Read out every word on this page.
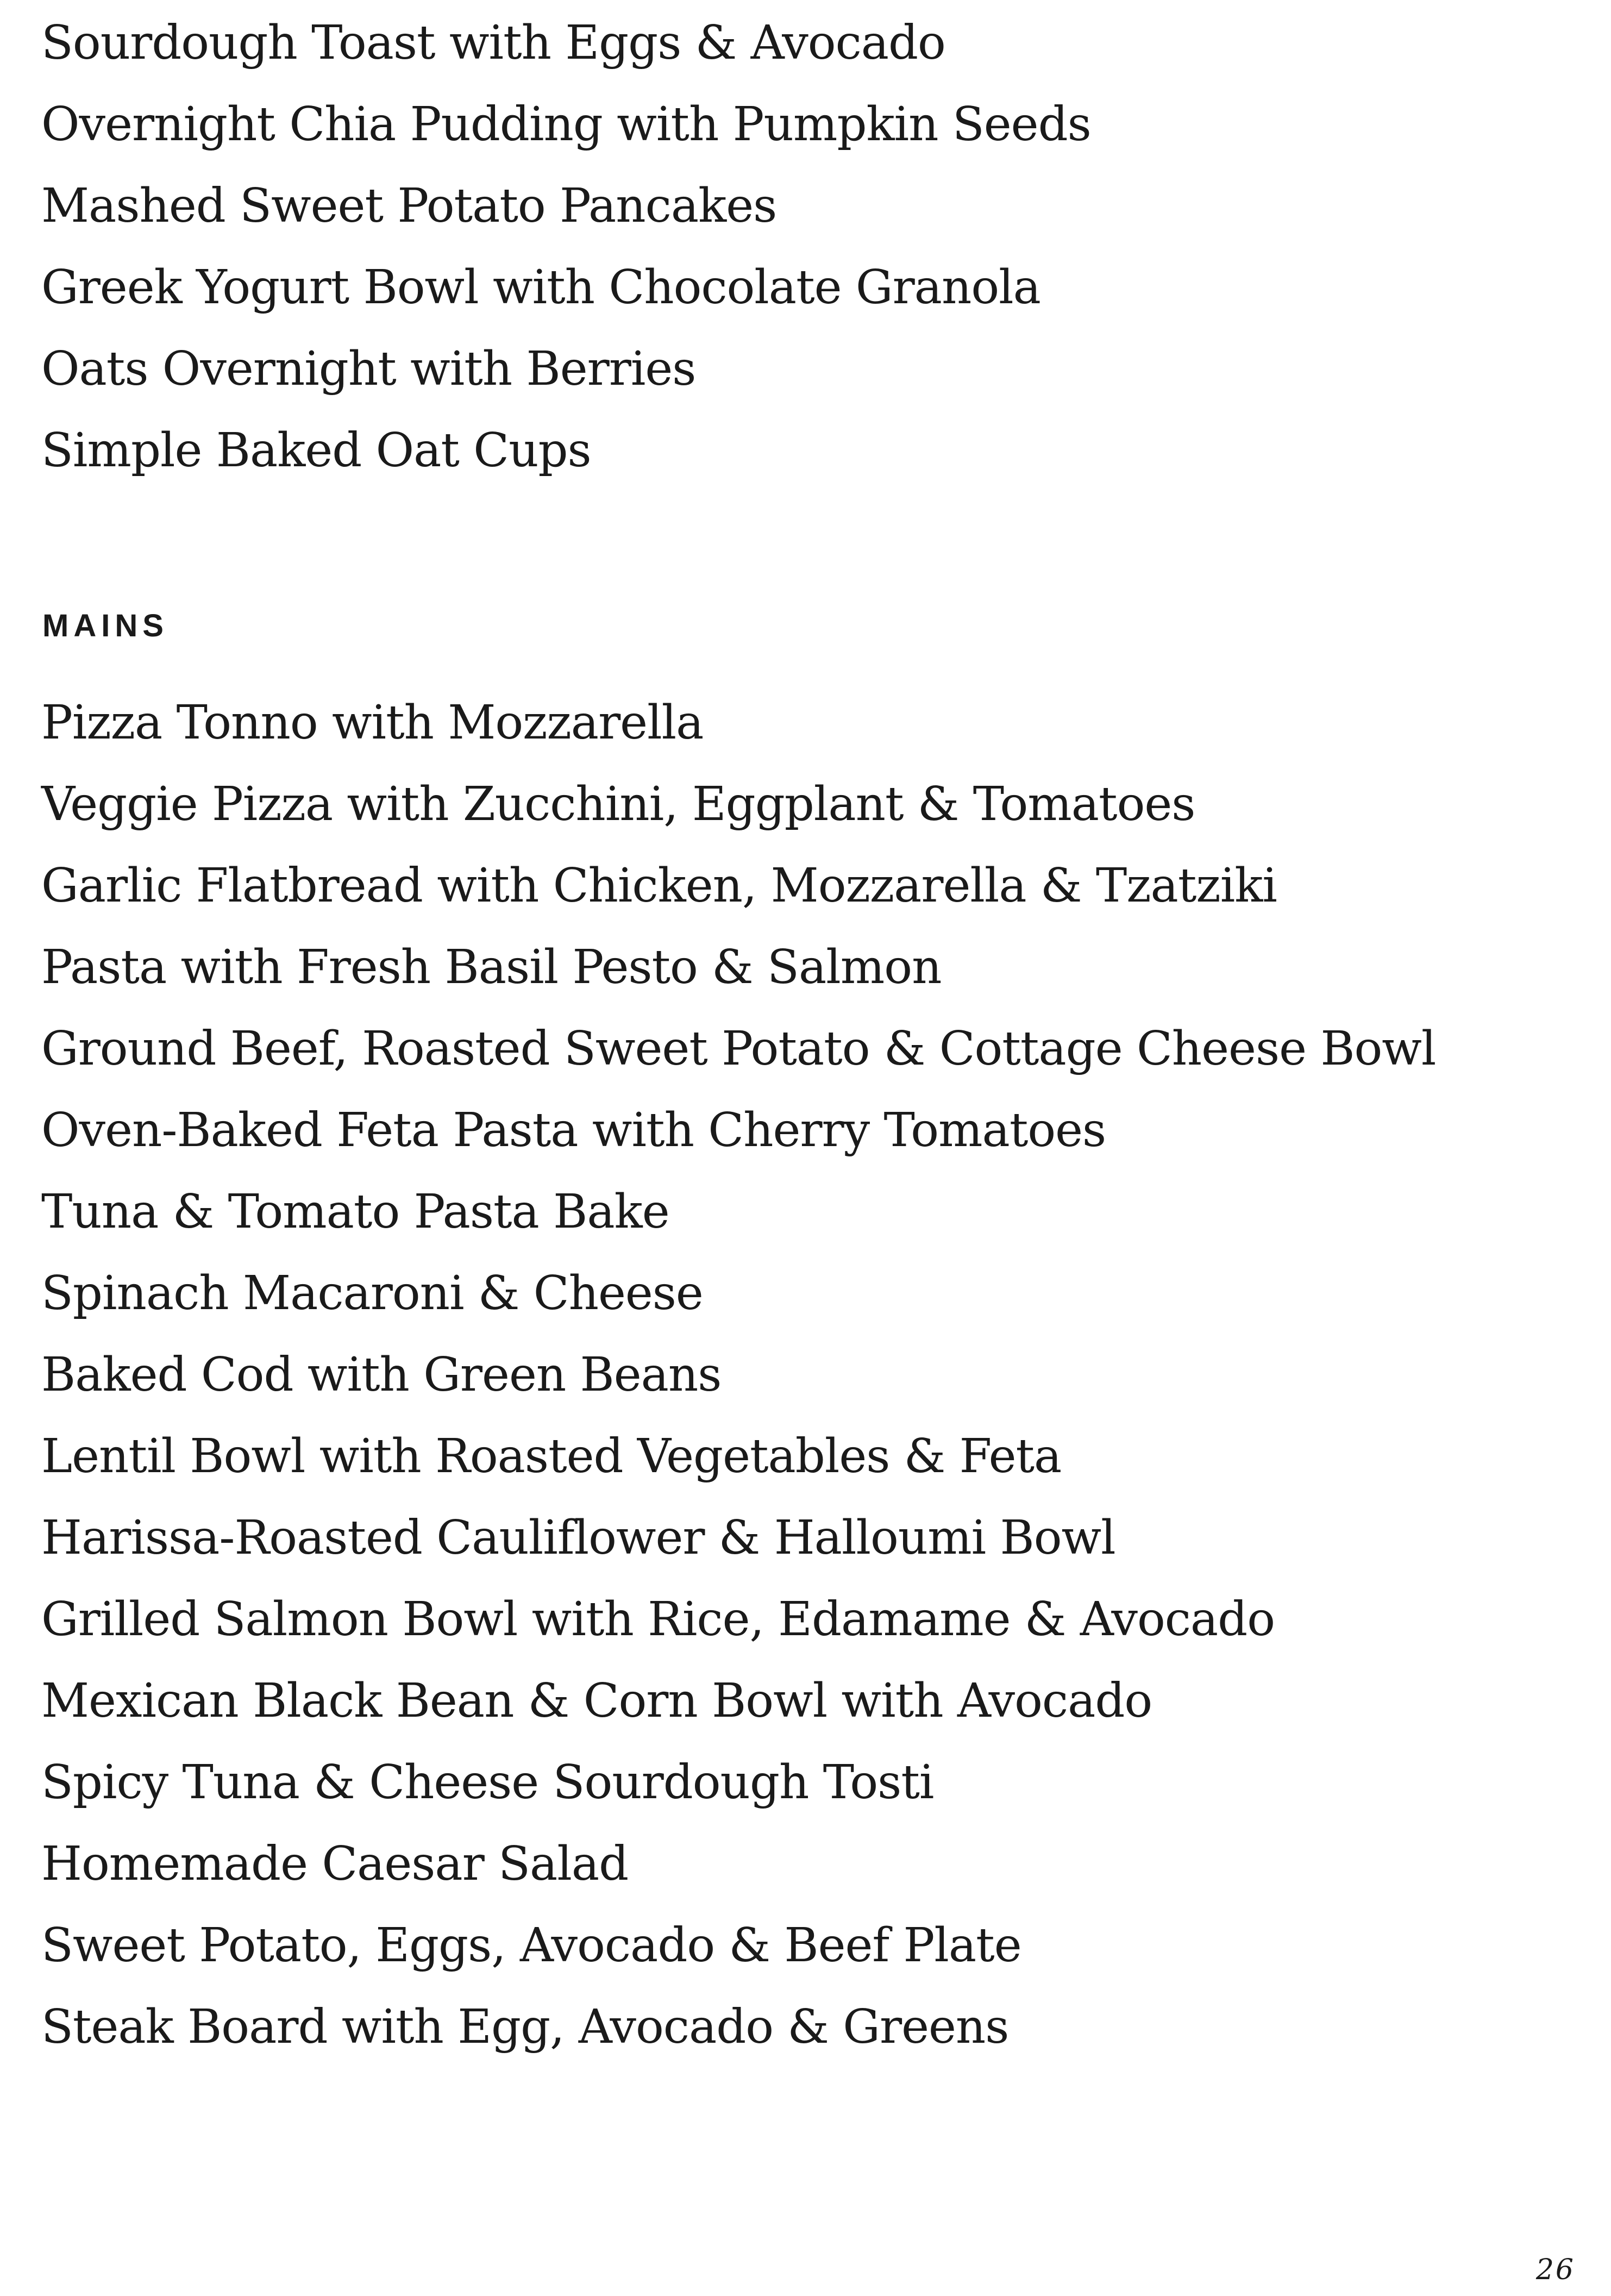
Sourdough Toast with Eggs & Avocado
Overnight Chia Pudding with Pumpkin Seeds
Mashed Sweet Potato Pancakes
Greek Yogurt Bowl with Chocolate Granola
Oats Overnight with Berries
Simple Baked Oat Cups
MAINS
Pizza Tonno with Mozzarella
Veggie Pizza with Zucchini, Eggplant & Tomatoes
Garlic Flatbread with Chicken, Mozzarella & Tzatziki
Pasta with Fresh Basil Pesto & Salmon
Ground Beef, Roasted Sweet Potato & Cottage Cheese Bowl
Oven-Baked Feta Pasta with Cherry Tomatoes
Tuna & Tomato Pasta Bake
Spinach Macaroni & Cheese
Baked Cod with Green Beans
Lentil Bowl with Roasted Vegetables & Feta
Harissa-Roasted Cauliflower & Halloumi Bowl
Grilled Salmon Bowl with Rice, Edamame & Avocado
Mexican Black Bean & Corn Bowl with Avocado
Spicy Tuna & Cheese Sourdough Tosti
Homemade Caesar Salad
Sweet Potato, Eggs, Avocado & Beef Plate
Steak Board with Egg, Avocado & Greens
26
